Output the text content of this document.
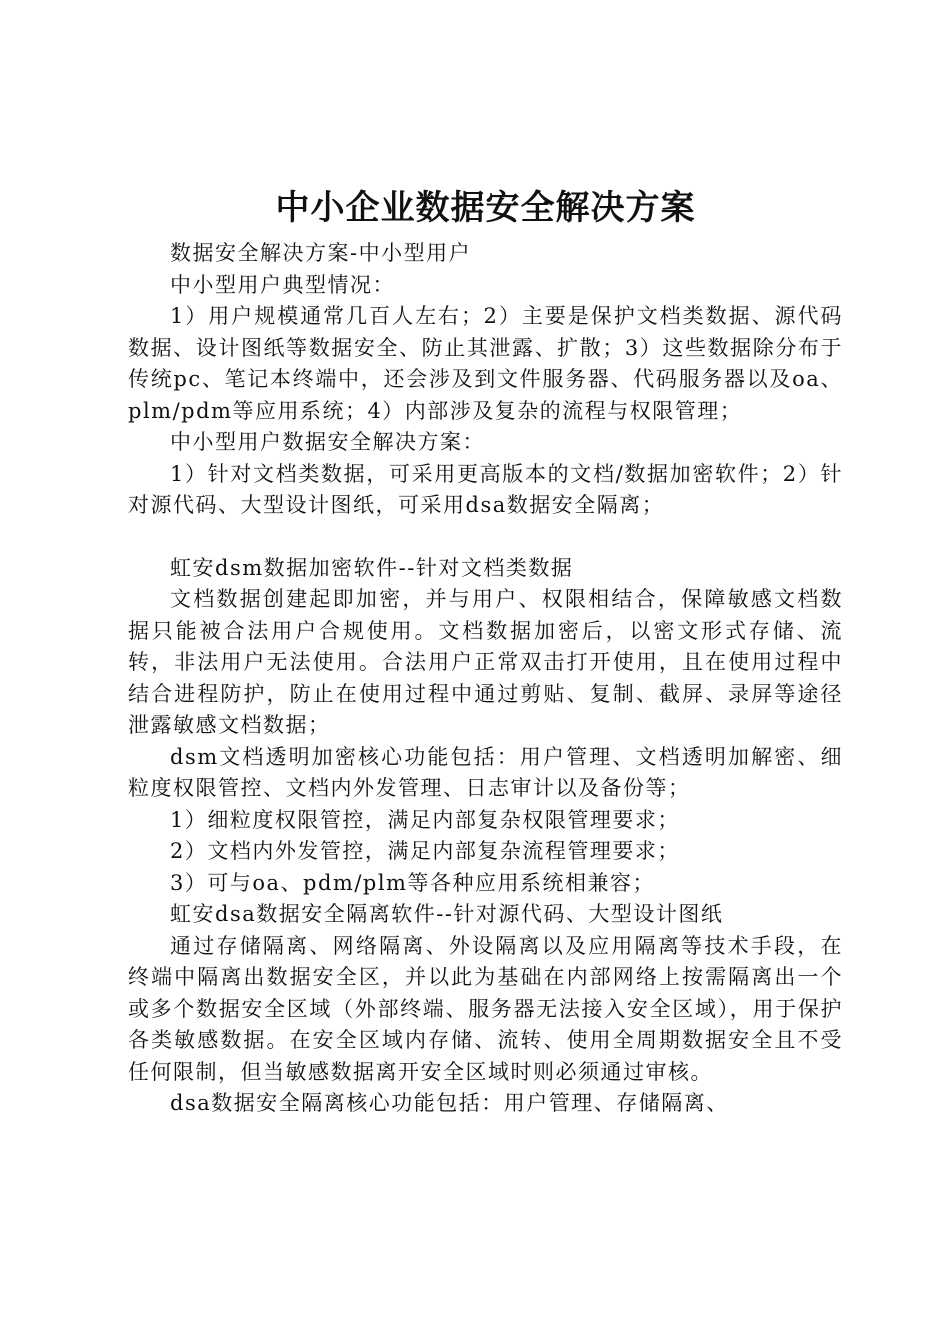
中小企业数据安全解决方案

数据安全解决方案-中小型用户

中小型用户典型情况：

1）用户规模通常几百人左右；2）主要是保护文档类数据、源代码数据、设计图纸等数据安全、防止其泄露、扩散；3）这些数据除分布于传统pc、笔记本终端中，还会涉及到文件服务器、代码服务器以及oa、plm/pdm等应用系统；4）内部涉及复杂的流程与权限管理；

中小型用户数据安全解决方案：

1）针对文档类数据，可采用更高版本的文档/数据加密软件；2）针对源代码、大型设计图纸，可采用dsa数据安全隔离；

虹安dsm数据加密软件--针对文档类数据

文档数据创建起即加密，并与用户、权限相结合，保障敏感文档数据只能被合法用户合规使用。文档数据加密后，以密文形式存储、流转，非法用户无法使用。合法用户正常双击打开使用，且在使用过程中结合进程防护，防止在使用过程中通过剪贴、复制、截屏、录屏等途径泄露敏感文档数据；

dsm文档透明加密核心功能包括：用户管理、文档透明加解密、细粒度权限管控、文档内外发管理、日志审计以及备份等；

1）细粒度权限管控，满足内部复杂权限管理要求；

2）文档内外发管控，满足内部复杂流程管理要求；

3）可与oa、pdm/plm等各种应用系统相兼容；

虹安dsa数据安全隔离软件--针对源代码、大型设计图纸

通过存储隔离、网络隔离、外设隔离以及应用隔离等技术手段，在终端中隔离出数据安全区，并以此为基础在内部网络上按需隔离出一个或多个数据安全区域（外部终端、服务器无法接入安全区域），用于保护各类敏感数据。在安全区域内存储、流转、使用全周期数据安全且不受任何限制，但当敏感数据离开安全区域时则必须通过审核。

dsa数据安全隔离核心功能包括：用户管理、存储隔离、
